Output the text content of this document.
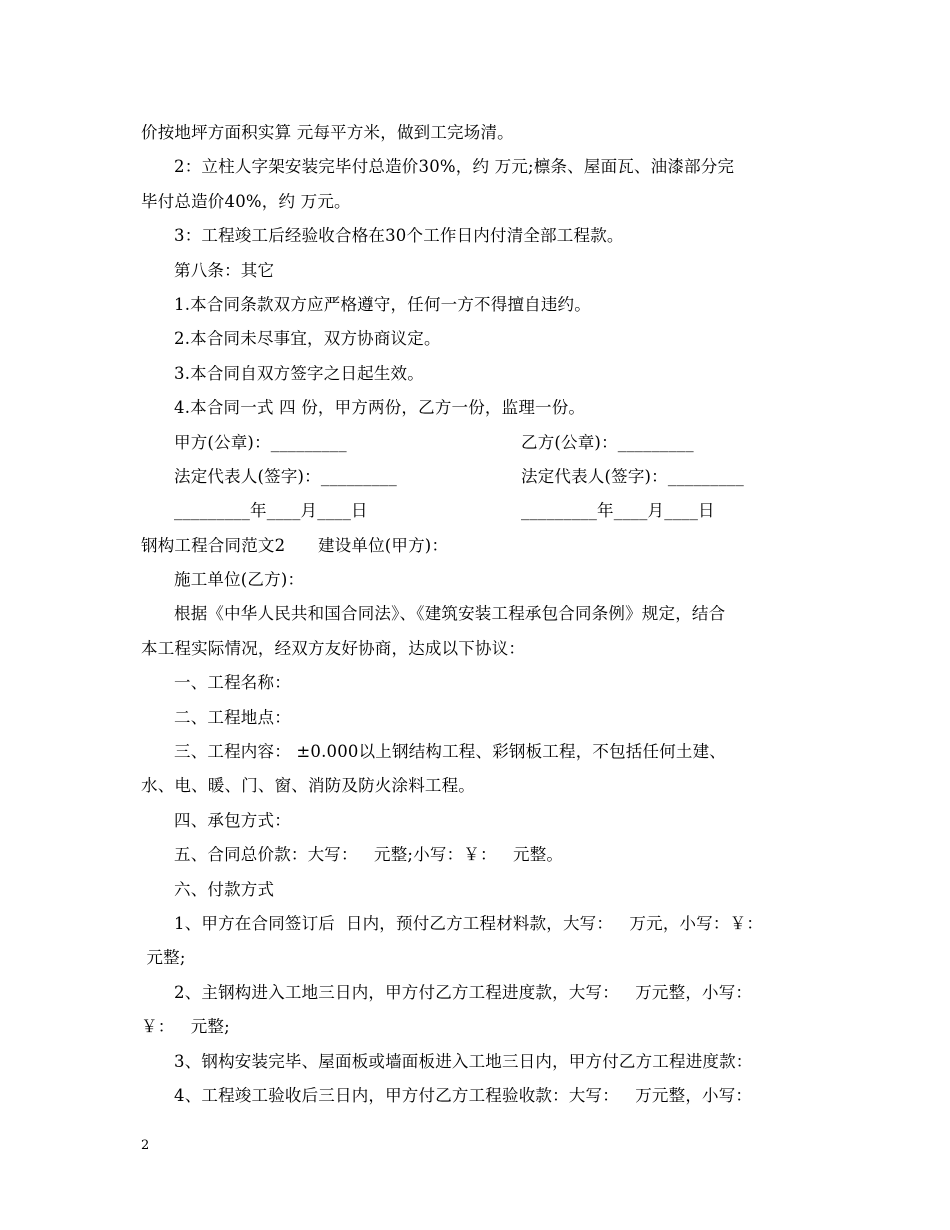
价按地坪方面积实算 元每平方米，做到工完场清。
2：立柱人字架安装完毕付总造价30%，约 万元;檩条、屋面瓦、油漆部分完
毕付总造价40%，约 万元。
3：工程竣工后经验收合格在30个工作日内付清全部工程款。
第八条：其它
1.本合同条款双方应严格遵守，任何一方不得擅自违约。
2.本合同未尽事宜，双方协商议定。
3.本合同自双方签字之日起生效。
4.本合同一式 四 份，甲方两份，乙方一份，监理一份。
甲方(公章)：_________	乙方(公章)：_________
法定代表人(签字)：_________	法定代表人(签字)：_________
_________年____月____日	_________年____月____日
钢构工程合同范文2      建设单位(甲方)：
施工单位(乙方)：
根据《中华人民共和国合同法》、《建筑安装工程承包合同条例》规定，结合
本工程实际情况，经双方友好协商，达成以下协议：
一、工程名称：
二、工程地点：
三、工程内容： ±0.000以上钢结构工程、彩钢板工程，不包括任何土建、
水、电、暖、门、窗、消防及防火涂料工程。
四、承包方式：
五、合同总价款：大写：   元整;小写：￥：   元整。
六、付款方式
1、甲方在合同签订后  日内，预付乙方工程材料款，大写：   万元，小写：￥：
元整;
2、主钢构进入工地三日内，甲方付乙方工程进度款，大写：   万元整，小写：
￥：   元整;
3、钢构安装完毕、屋面板或墙面板进入工地三日内，甲方付乙方工程进度款：
4、工程竣工验收后三日内，甲方付乙方工程验收款：大写：   万元整，小写：
2
